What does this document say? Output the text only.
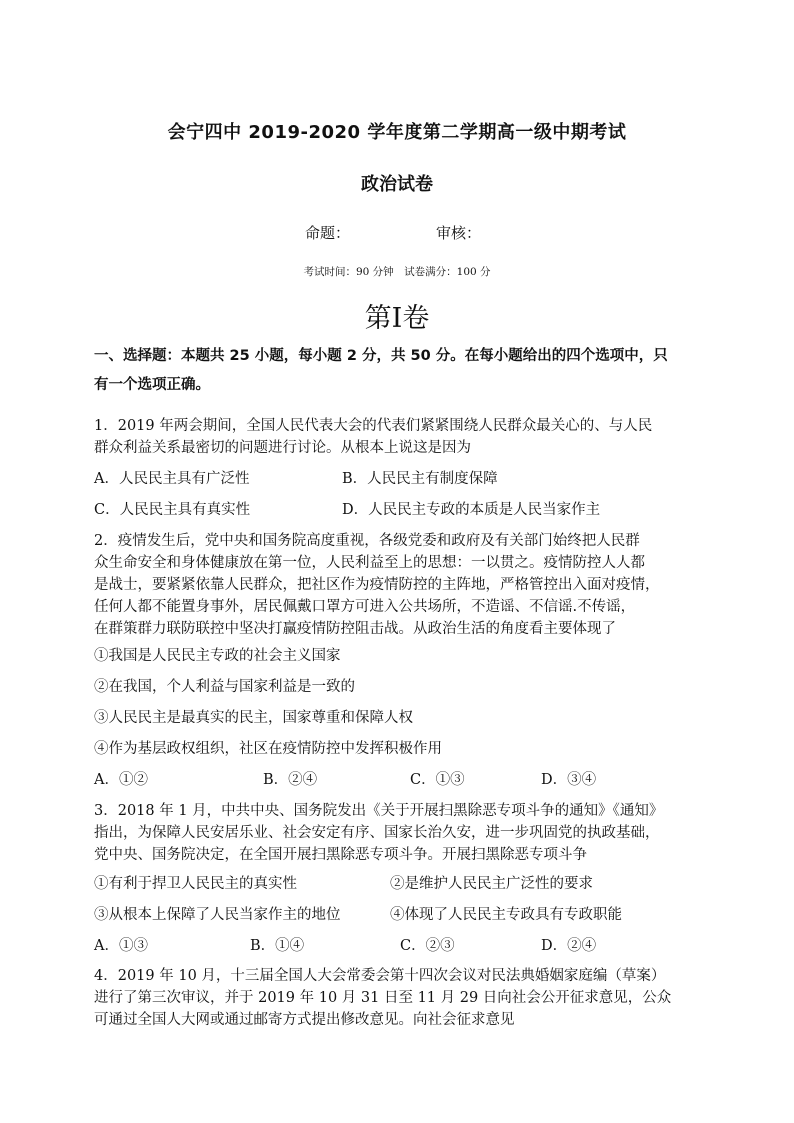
会宁四中 2019-2020 学年度第二学期高一级中期考试
政治试卷
命题：	审核：
考试时间：90 分钟　试卷满分：100 分
第Ⅰ卷
一、选择题：本题共 25 小题，每小题 2 分，共 50 分。在每小题给出的四个选项中，只
有一个选项正确。
1．2019 年两会期间，全国人民代表大会的代表们紧紧围绕人民群众最关心的、与人民
群众利益关系最密切的问题进行讨论。从根本上说这是因为
A．人民民主具有广泛性	B．人民民主有制度保障
C．人民民主具有真实性	D．人民民主专政的本质是人民当家作主
2．疫情发生后，党中央和国务院高度重视，各级党委和政府及有关部门始终把人民群
众生命安全和身体健康放在第一位，人民利益至上的思想：一以贯之。疫情防控人人都
是战士，要紧紧依靠人民群众，把社区作为疫情防控的主阵地，严格管控出入面对疫情，
任何人都不能置身事外，居民佩戴口罩方可进入公共场所，不造谣、不信谣.不传谣，
在群策群力联防联控中坚决打赢疫情防控阻击战。从政治生活的角度看主要体现了
①我国是人民民主专政的社会主义国家
②在我国，个人利益与国家利益是一致的
③人民民主是最真实的民主，国家尊重和保障人权
④作为基层政权组织，社区在疫情防控中发挥积极作用
A．①②	B．②④	C．①③	D．③④
3．2018 年 1 月，中共中央、国务院发出《关于开展扫黑除恶专项斗争的通知》《通知》
指出，为保障人民安居乐业、社会安定有序、国家长治久安，进一步巩固党的执政基础，
党中央、国务院决定，在全国开展扫黑除恶专项斗争。开展扫黑除恶专项斗争
①有利于捍卫人民民主的真实性	②是维护人民民主广泛性的要求
③从根本上保障了人民当家作主的地位	④体现了人民民主专政具有专政职能
A．①③	B．①④	C．②③	D．②④
4．2019 年 10 月，十三届全国人大会常委会第十四次会议对民法典婚姻家庭编（草案）
进行了第三次审议，并于 2019 年 10 月 31 日至 11 月 29 日向社会公开征求意见，公众
可通过全国人大网或通过邮寄方式提出修改意见。向社会征求意见
